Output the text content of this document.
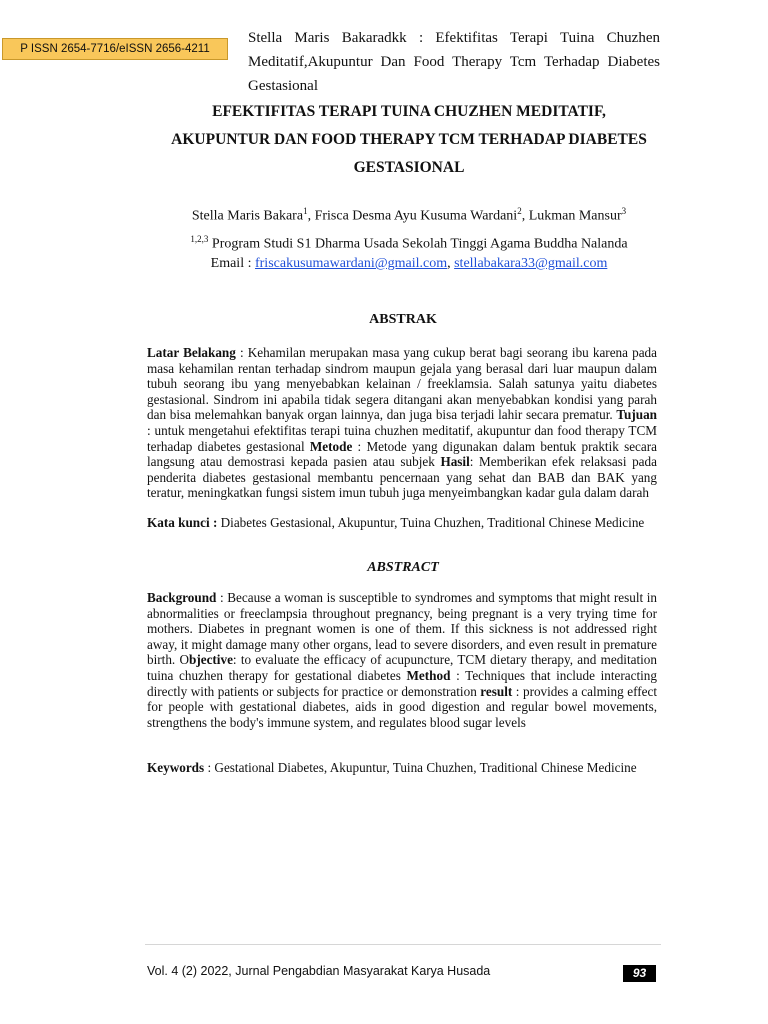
P ISSN 2654-7716/eISSN 2656-4211
Stella Maris Bakaradkk : Efektifitas Terapi Tuina Chuzhen
Meditatif,Akupuntur Dan Food Therapy Tcm Terhadap Diabetes
Gestasional
EFEKTIFITAS TERAPI TUINA CHUZHEN MEDITATIF,
AKUPUNTUR DAN FOOD THERAPY TCM TERHADAP DIABETES
GESTASIONAL
Stella Maris Bakara$^1$, Frisca Desma Ayu Kusuma Wardani$^2$, Lukman Mansur$^3$
$^{1,2,3}$ Program Studi S1 Dharma Usada Sekolah Tinggi Agama Buddha Nalanda
Email : friscakusumawardani@gmail.com, stellabakara33@gmail.com
ABSTRAK
Latar Belakang : Kehamilan merupakan masa yang cukup berat bagi seorang ibu karena pada masa kehamilan rentan terhadap sindrom maupun gejala yang berasal dari luar maupun dalam tubuh seorang ibu yang menyebabkan kelainan / freeklamsia. Salah satunya yaitu diabetes gestasional. Sindrom ini apabila tidak segera ditangani akan menyebabkan kondisi yang parah dan bisa melemahkan banyak organ lainnya, dan juga bisa terjadi lahir secara prematur. Tujuan : untuk mengetahui efektifitas terapi tuina chuzhen meditatif, akupuntur dan food therapy TCM terhadap diabetes gestasional Metode : Metode yang digunakan dalam bentuk praktik secara langsung atau demostrasi kepada pasien atau subjek Hasil: Memberikan efek relaksasi pada penderita diabetes gestasional membantu pencernaan yang sehat dan BAB dan BAK yang teratur, meningkatkan fungsi sistem imun tubuh juga menyeimbangkan kadar gula dalam darah
Kata kunci : Diabetes Gestasional, Akupuntur, Tuina Chuzhen, Traditional Chinese Medicine
ABSTRACT
Background : Because a woman is susceptible to syndromes and symptoms that might result in abnormalities or freeclampsia throughout pregnancy, being pregnant is a very trying time for mothers. Diabetes in pregnant women is one of them. If this sickness is not addressed right away, it might damage many other organs, lead to severe disorders, and even result in premature birth. Objective: to evaluate the efficacy of acupuncture, TCM dietary therapy, and meditation tuina chuzhen therapy for gestational diabetes Method : Techniques that include interacting directly with patients or subjects for practice or demonstration result : provides a calming effect for people with gestational diabetes, aids in good digestion and regular bowel movements, strengthens the body's immune system, and regulates blood sugar levels
Keywords : Gestational Diabetes, Akupuntur, Tuina Chuzhen, Traditional Chinese Medicine
Vol. 4 (2) 2022, Jurnal Pengabdian Masyarakat Karya Husada	93
